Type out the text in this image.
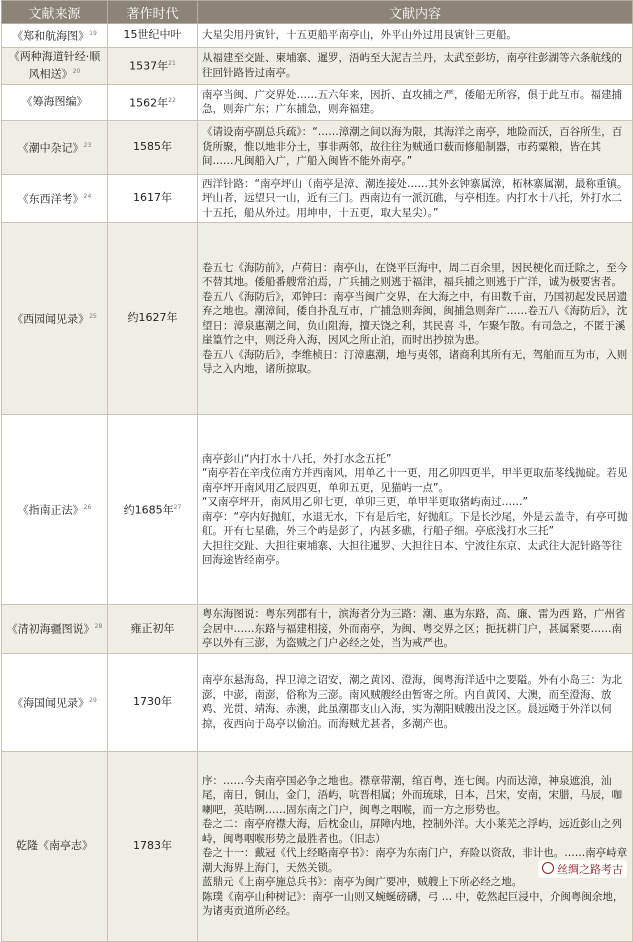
文献来源	著作时代	文献内容
《郑和航海图》$^{19}$	15世纪中叶	大星尖用丹寅针，十五更船平南亭山，外平山外过用艮寅针三更船。

《两种海道针经·顺风相送》$^{20}$	1537年$^{21}$	从福建至交趾、柬埔寨、暹罗，浯屿至大泥吉兰丹，太武至彭坊，南亭往彭湖等六条航线的往回针路皆过南亭。

《筹海图编》	1562年$^{22}$	南亭当闽、广交界处……五六年来，因折、直攻捕之严，倭船无所容，俱于此互市。福建捕急，则奔广东；广东捕急，则奔福建。

《潮中杂记》$^{23}$	1585年	《请设南亭副总兵疏》：“……漳潮之间以海为限，其海洋之南亭，地险而沃，百谷所生，百货所聚，惟以地非分土，事非两邻，故往往为贼通口薮而修船制器，市药粟粮，皆在其间……凡闽船入广，广船入闽皆不能外南亭。”

《东西洋考》$^{24}$	1617年	西洋针路：“南亭坪山（南亭是漳、潮连接处……其外玄钟寨属漳，柘林寨属潮，最称重镇。坪山者，远望只一山，近有三门。西南边有一派沉礁，与亭相连。内打水十八托，外打水二十五托，船从外过。用坤申，十五更，取大星尖）。”

《西园闻见录》$^{25}$	约1627年	卷五七《海防前》，卢荷日：南亭山，在饶平巨海中，周二百余里，因民梗化而迁除之，至今不替其地。倭船番艘常泊焉，广兵捕之则逃于福津，福兵捕之则逃于广洋，诚为极要害者。
卷五八《海防后》，邓钟曰：南亭当闽广交界，在大海之中，有田数千亩，乃国初起发民居遗弃之地也。潮漳间，倭自扑乱互市，广捕急则奔闽，闽捕急则奔广……卷五八《海防后》，沈望日：漳泉惠潮之间，负山阻海，擅天饶之利，其民喜 斗，乍聚乍散。有司急之，不匿于溪崖篁竹之中，则泛舟入海，因风之所止泊，而时出抄掠为患。
卷五八《海防后》，李维桢日：汀漳惠潮，地与夷邻，诸商利其所有无，驾舶而互为市，入则导之入内地，诸所掠取。

《指南正法》$^{26}$	约1685年$^{27}$	南亭彭山“内打水十八托，外打水念五托”
“南亭若在辛戌位南方并西南风，用单乙十一更，用乙卯四更半，甲半更取茄苳线抛碇。若见南亭坪开南风用乙辰四更，单卯五更，见猫屿一点”。
“又南亭坪开，南风用乙卯七更，单卯三更，单甲半更取猪屿南过……”
南亭：“亭内好抛舡，水退无水，下有是后宅，好抛舡。下是长沙尾，外是云盖寺，有亭可抛舡。开有七星礁，外三个屿是彭了，内甚多礁，行船子细。亭底浅打水三托”
大担往交趾、大担往柬埔寨、大担往暹罗、大担往日本、宁波往东京、太武往大泥针路等往回海途皆经南亭。

《清初海疆图说》$^{28}$	雍正初年	粤东海图说：粤东列郡有十，滨海者分为三路：潮、惠为东路，高、廉、雷为西 路，广州省会居中……东路与福建相接，外而南亭，为闽、粤交界之区；扼抚耕门户，甚属紧要……南亭以外有三澎，为盗贼之门户必经之处，当为戒严也。

《海国闻见录》$^{29}$	1730年	南亭东悬海岛，捍卫漳之诏安，潮之黄冈、澄海，闽粤海洋适中之要隘。外有小岛三：为北澎，中澎，南澎，俗称为三澎。南风贼艘经由暂寄之所。内自黄冈、大澳，而至澄海、放鸡、光贯、靖海、赤澳，此虽潮郡支山入海，实为潮阳贼艘出没之区。晨远飏于外洋以伺掠，夜西向于岛亭以偷泊。而海贼尤甚者，多潮产也。

乾隆《南亭志》	1783年	序：……今夫南亭国必争之地也。襟章带潮，绾百粤，连七闽。内而达漳，神泉遮浪，汕尾，南日，铜山，金门，浯屿，吭晋相属；外而琉球，日本，吕宋，安南，宋腊，马辰，咖喇吧，英咭咧……固东南之门户，闽粤之咽喉，而一方之形势也。
卷之二：南亭府襟大海，后枕金山，屏障内地，控制外洋。大小莱芜之浮屿，远近彭山之列峙，闽粤咽喉形势之最胜者也。（旧志）
卷之十一：戴冠《代上经略南亭书》：南亭为东南门户，弃险以资敌，非计也。……南亭峙章潮大海界上海门，天然关锁。
蓝鼎元《上南亭施总兵书》：南亭为闽广要冲，贼艘上下所必经之地。
陈璞《南亭山种树记》：南亭一山则又蜿蜒磅礴，弓 … 中，乾然起巨浸中，介闽粤闽余地，为诸夷贡道所必经。
丝绸之路考古
